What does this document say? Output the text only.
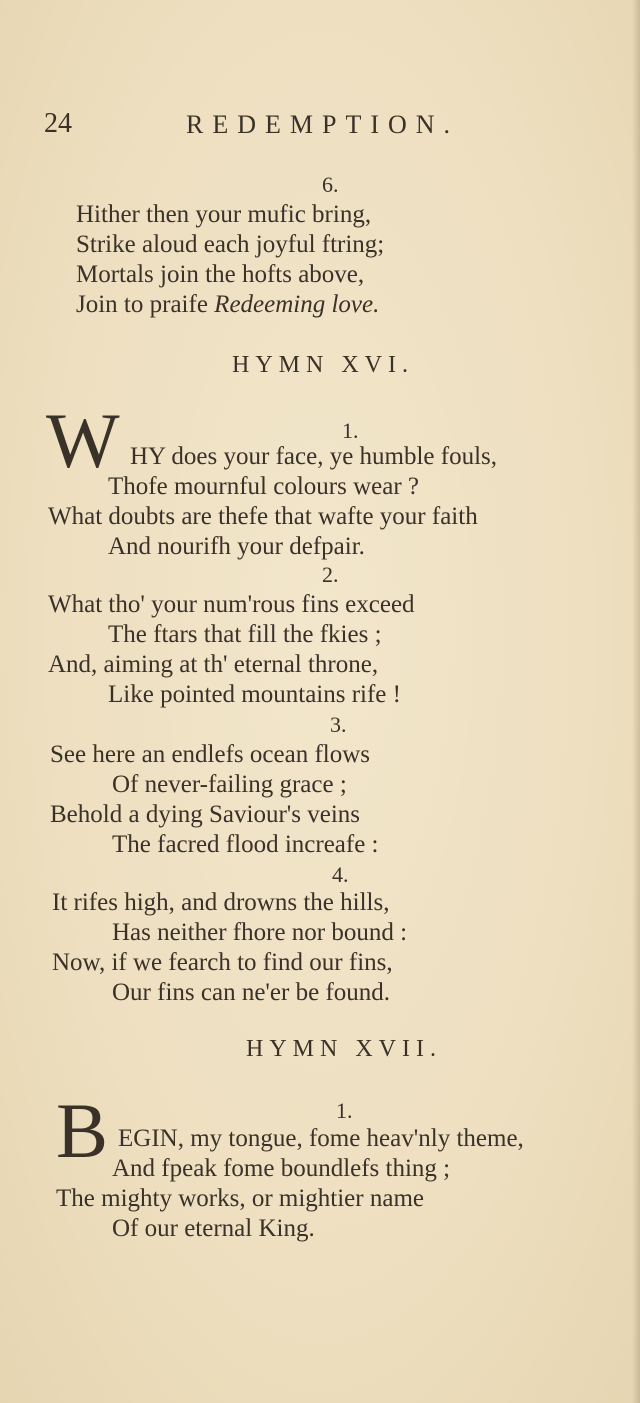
24	REDEMPTION.
6.
Hither then your mufic bring,
Strike aloud each joyful ftring;
Mortals join the hofts above,
Join to praife Redeeming love.
HYMN XVI.
W	1.
HY does your face, ye humble fouls,
Thofe mournful colours wear ?
What doubts are thefe that wafte your faith
And nourifh your defpair.
2.
What tho' your num'rous fins exceed
The ftars that fill the fkies ;
And, aiming at th' eternal throne,
Like pointed mountains rife !
3.
See here an endlefs ocean flows
Of never-failing grace ;
Behold a dying Saviour's veins
The facred flood increafe :
4.
It rifes high, and drowns the hills,
Has neither fhore nor bound :
Now, if we fearch to find our fins,
Our fins can ne'er be found.
HYMN XVII.
B	1.
EGIN, my tongue, fome heav'nly theme,
And fpeak fome boundlefs thing ;
The mighty works, or mightier name
Of our eternal King.
